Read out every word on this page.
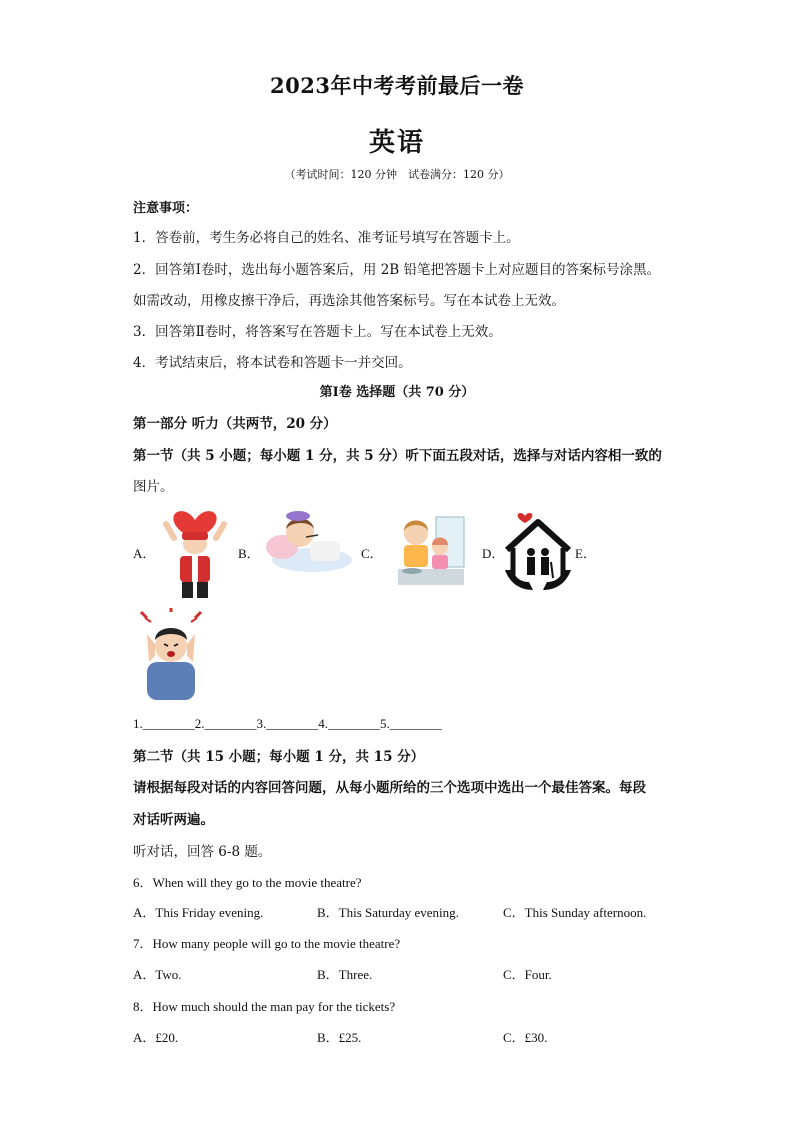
2023年中考考前最后一卷
英语
（考试时间：120 分钟　试卷满分：120 分）
注意事项：
1．答卷前，考生务必将自己的姓名、准考证号填写在答题卡上。
2．回答第Ⅰ卷时，选出每小题答案后，用 2B 铅笔把答题卡上对应题目的答案标号涂黑。
如需改动，用橡皮擦干净后，再选涂其他答案标号。写在本试卷上无效。
3．回答第Ⅱ卷时，将答案写在答题卡上。写在本试卷上无效。
4．考试结束后，将本试卷和答题卡一并交回。
第Ⅰ卷 选择题（共 70 分）
第一部分 听力（共两节，20 分）
第一节（共 5 小题；每小题 1 分，共 5 分）听下面五段对话，选择与对话内容相一致的
图片。
A．	B．	C．	D．	E．
1.________2.________3.________4.________5.________
第二节（共 15 小题；每小题 1 分，共 15 分）
请根据每段对话的内容回答问题，从每小题所给的三个选项中选出一个最佳答案。每段
对话听两遍。
听对话，回答 6-8 题。
6．When will they go to the movie theatre?
A．This Friday evening.	B．This Saturday evening.	C．This Sunday afternoon.
7．How many people will go to the movie theatre?
A．Two.	B．Three.	C．Four.
8．How much should the man pay for the tickets?
A．£20.	B．£25.	C．£30.
